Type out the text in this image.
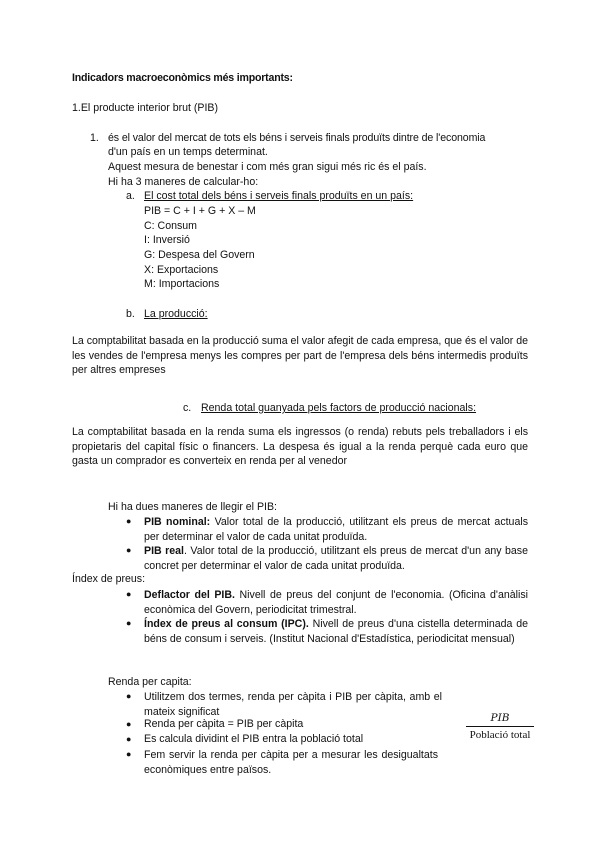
Indicadors macroeconòmics més importants:
1.El producte interior brut (PIB)
1. és el valor del mercat de tots els béns i serveis finals produïts dintre de l'economia
d'un país en un temps determinat.
Aquest mesura de benestar i com més gran sigui més ric és el país.
Hi ha 3 maneres de calcular-ho:
a. El cost total dels béns i serveis finals produïts en un país:
PIB = C + I + G + X – M
C: Consum
I: Inversió
G: Despesa del Govern
X: Exportacions
M: Importacions
b. La producció:
La comptabilitat basada en la producció suma el valor afegit de cada empresa, que és el valor de les vendes de l'empresa menys les compres per part de l'empresa dels béns intermedis produïts per altres empreses
c. Renda total guanyada pels factors de producció nacionals:
La comptabilitat basada en la renda suma els ingressos (o renda) rebuts pels treballadors i els propietaris del capital físic o financers. La despesa és igual a la renda perquè cada euro que gasta un comprador es converteix en renda per al venedor
Hi ha dues maneres de llegir el PIB:
● PIB nominal: Valor total de la producció, utilitzant els preus de mercat actuals per determinar el valor de cada unitat produïda.
● PIB real. Valor total de la producció, utilitzant els preus de mercat d'un any base concret per determinar el valor de cada unitat produïda.
Índex de preus:
● Deflactor del PIB. Nivell de preus del conjunt de l'economia. (Oficina d'anàlisi econòmica del Govern, periodicitat trimestral.
● Índex de preus al consum (IPC). Nivell de preus d'una cistella determinada de béns de consum i serveis. (Institut Nacional d'Estadística, periodicitat mensual)
Renda per capita:
● Utilitzem dos termes, renda per càpita i PIB per càpita, amb el mateix significat
● Renda per càpita = PIB per càpita
● Es calcula dividint el PIB entra la població total
● Fem servir la renda per càpita per a mesurar les desigualtats econòmiques entre països.
PIB
Població total
